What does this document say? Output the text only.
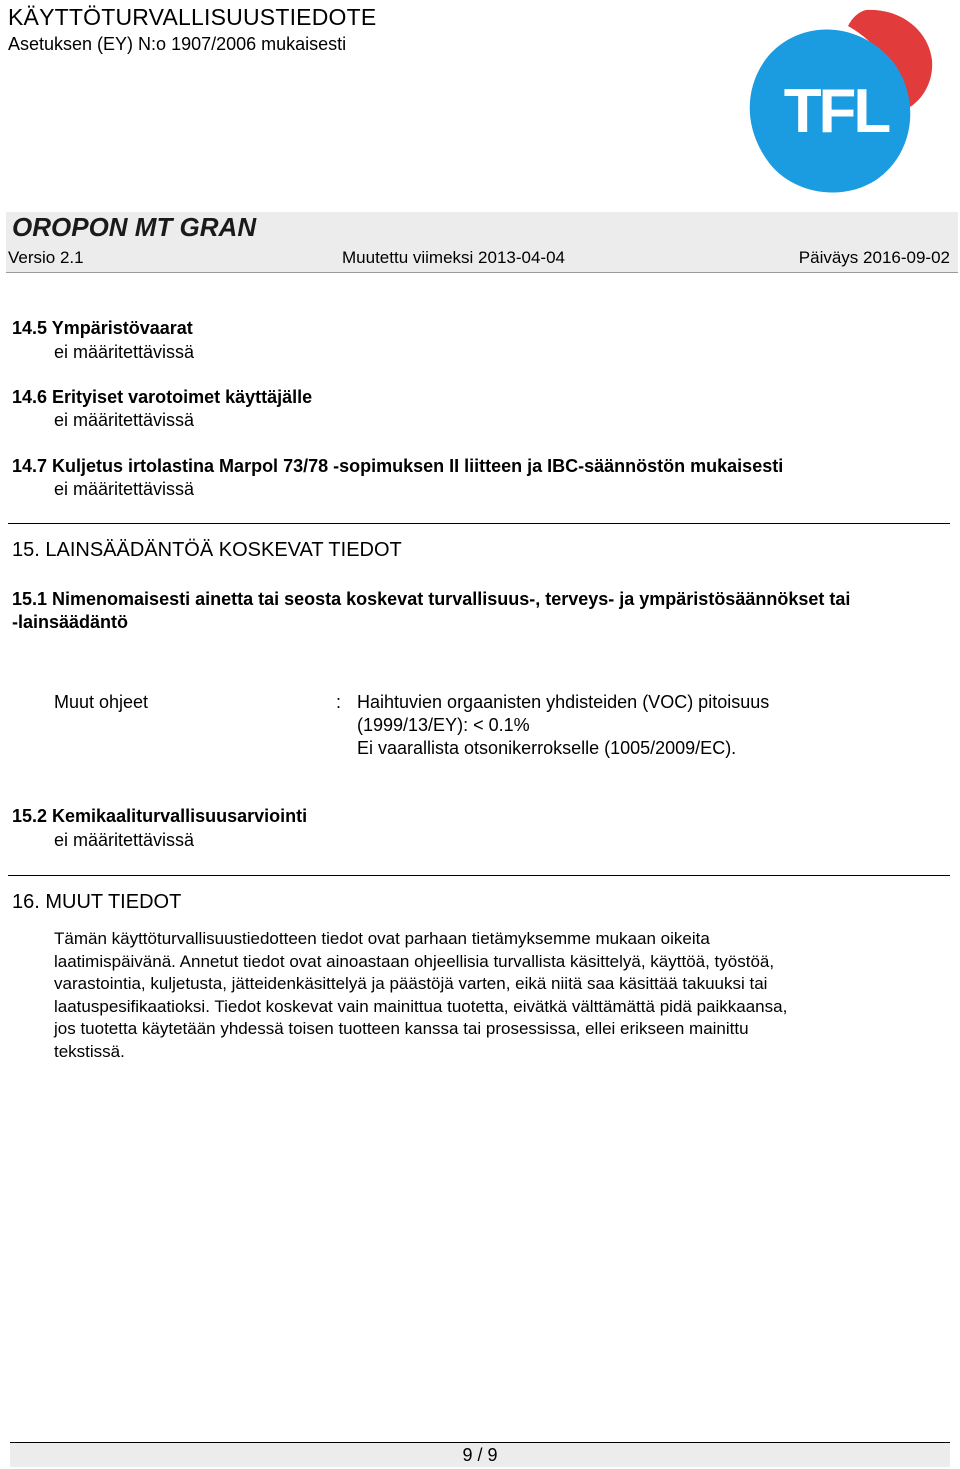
KÄYTTÖTURVALLISUUSTIEDOTE
Asetuksen (EY) N:o 1907/2006 mukaisesti
TFL
OROPON MT GRAN
Versio 2.1	Muutettu viimeksi 2013-04-04	Päiväys 2016-09-02
14.5 Ympäristövaarat
ei määritettävissä
14.6 Erityiset varotoimet käyttäjälle
ei määritettävissä
14.7 Kuljetus irtolastina Marpol 73/78 -sopimuksen II liitteen ja IBC-säännöstön mukaisesti
ei määritettävissä
15. LAINSÄÄDÄNTÖÄ KOSKEVAT TIEDOT
15.1 Nimenomaisesti ainetta tai seosta koskevat turvallisuus-, terveys- ja ympäristösäännökset tai
-lainsäädäntö
Muut ohjeet	: Haihtuvien orgaanisten yhdisteiden (VOC) pitoisuus
(1999/13/EY): < 0.1%
Ei vaarallista otsonikerrokselle (1005/2009/EC).
15.2 Kemikaaliturvallisuusarviointi
ei määritettävissä
16. MUUT TIEDOT
Tämän käyttöturvallisuustiedotteen tiedot ovat parhaan tietämyksemme mukaan oikeita
laatimispäivänä. Annetut tiedot ovat ainoastaan ohjeellisia turvallista käsittelyä, käyttöä, työstöä,
varastointia, kuljetusta, jätteidenkäsittelyä ja päästöjä varten, eikä niitä saa käsittää takuuksi tai
laatuspesifikaatioksi. Tiedot koskevat vain mainittua tuotetta, eivätkä välttämättä pidä paikkaansa,
jos tuotetta käytetään yhdessä toisen tuotteen kanssa tai prosessissa, ellei erikseen mainittu
tekstissä.
9 / 9
